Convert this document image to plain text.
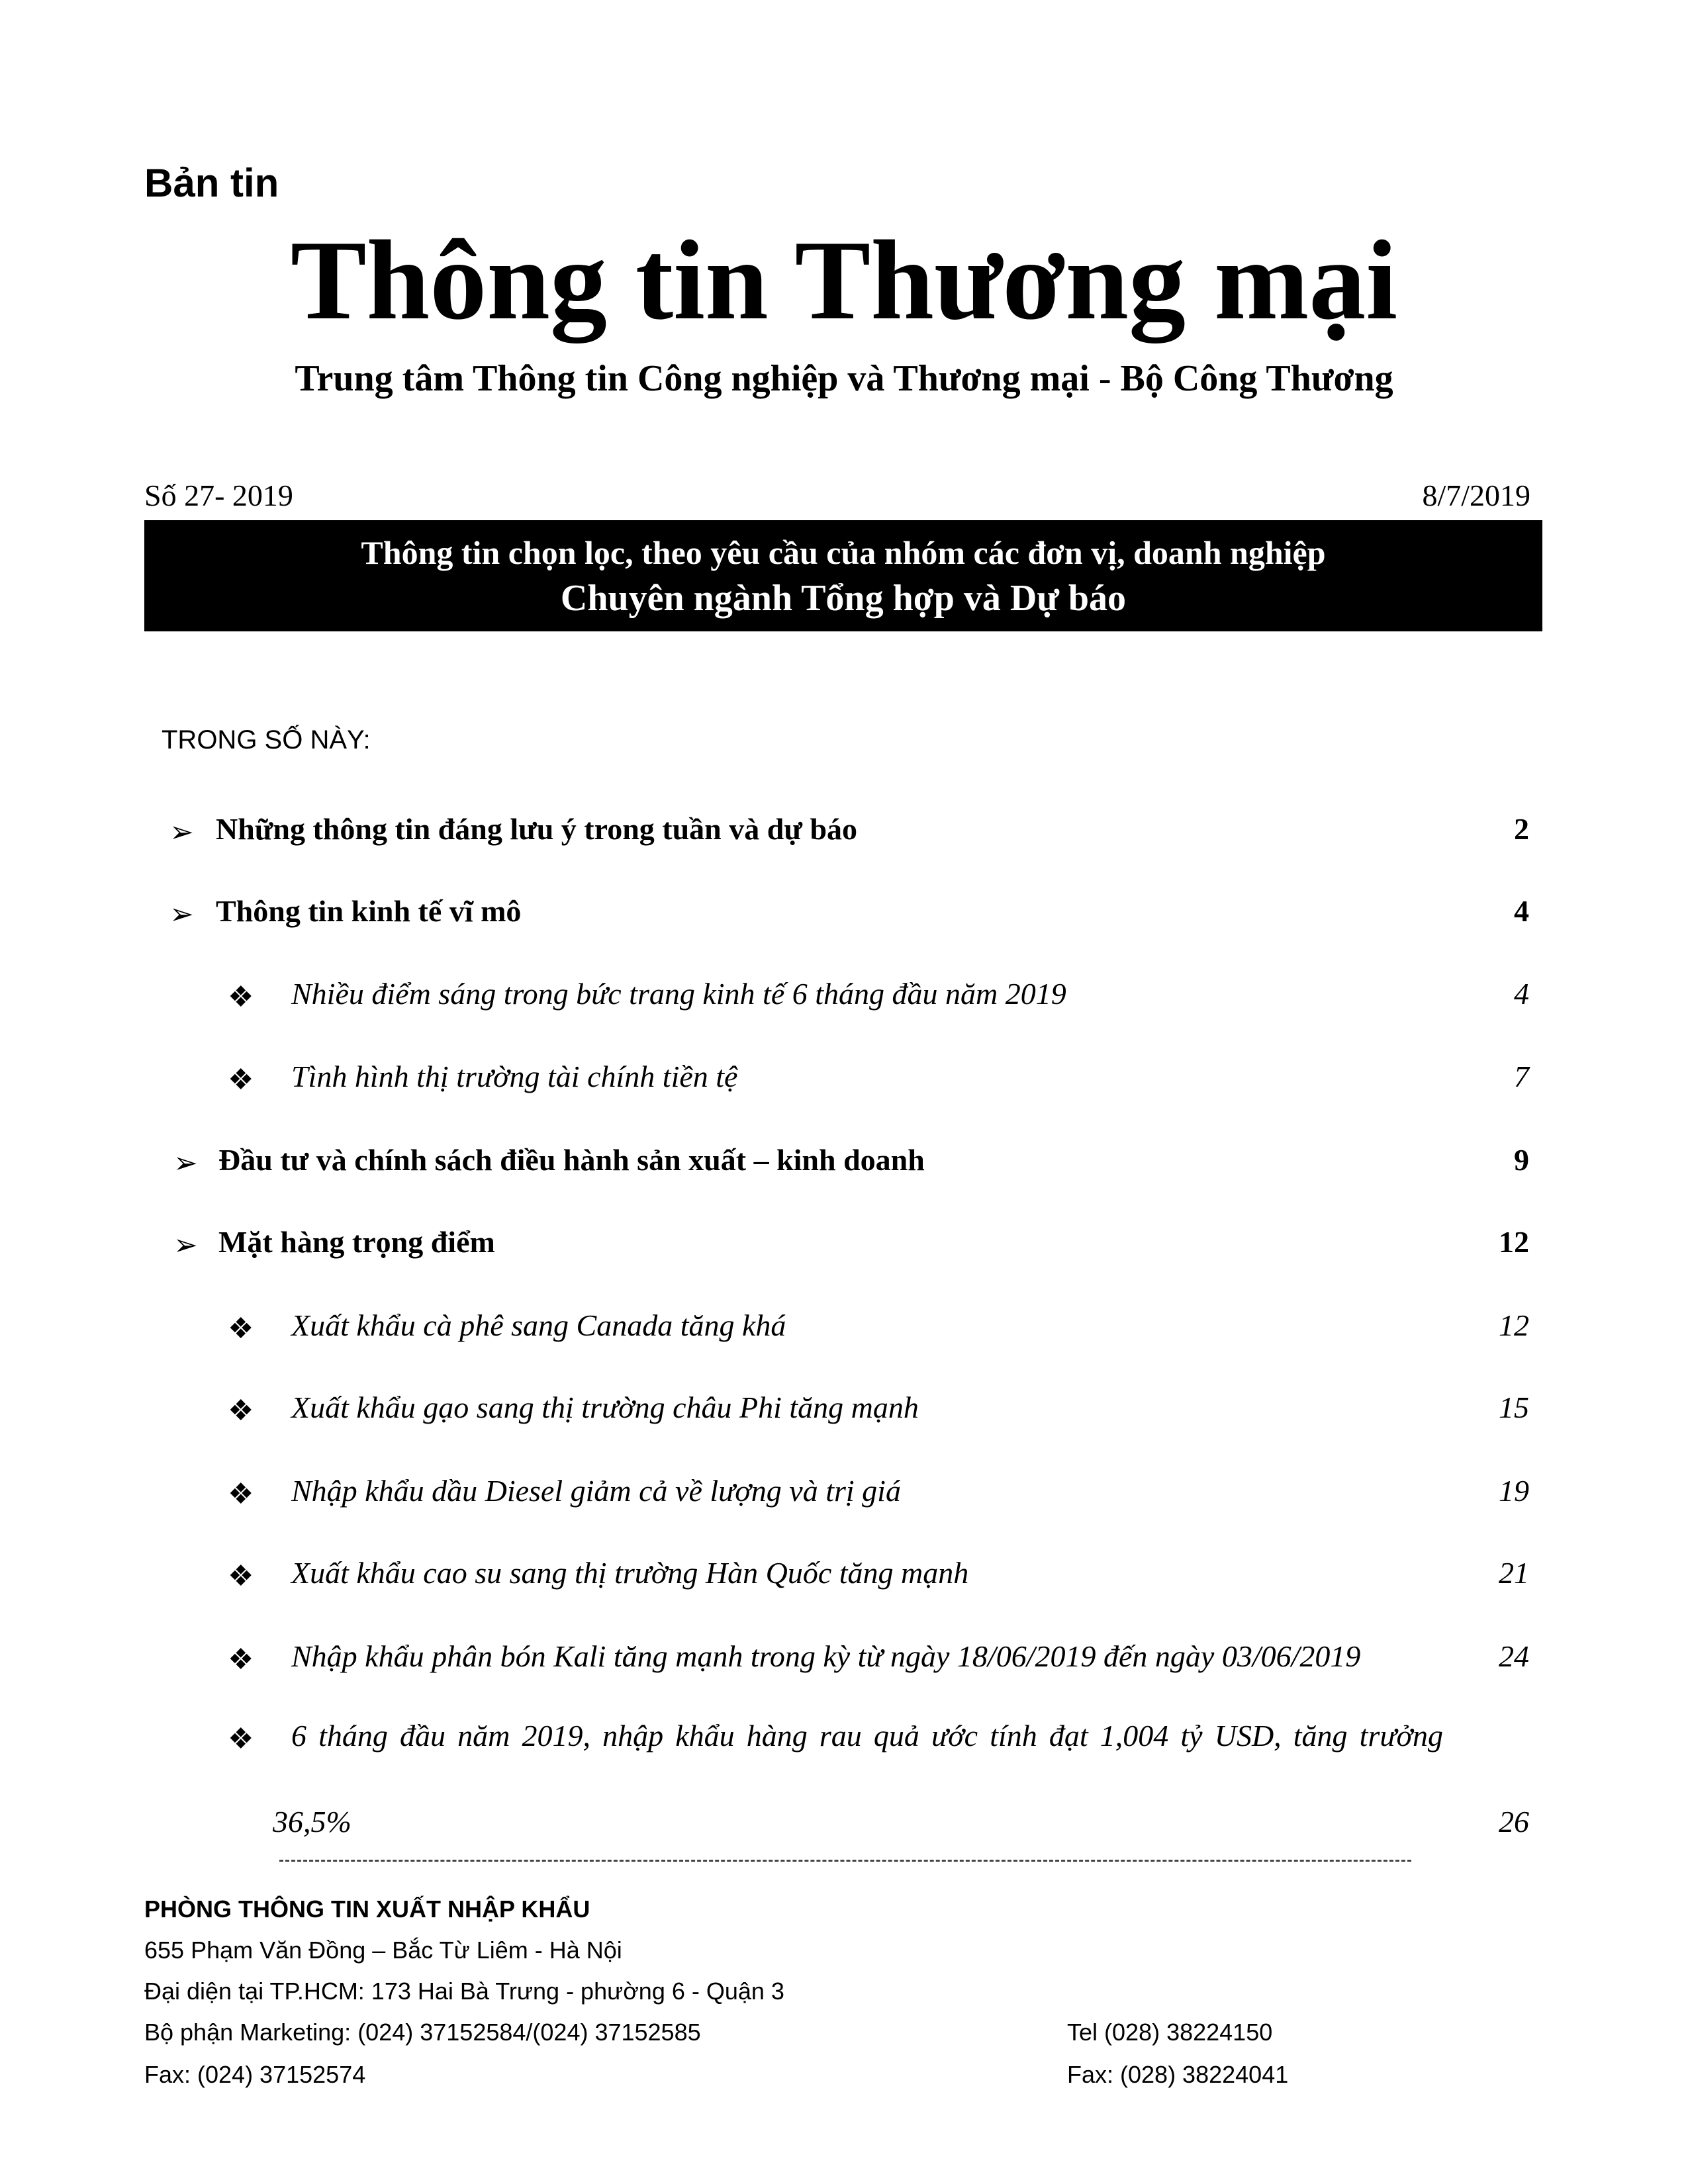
Bản tin
Thông tin Thương mại
Trung tâm Thông tin Công nghiệp và Thương mại - Bộ Công Thương
Số 27- 2019	8/7/2019
Thông tin chọn lọc, theo yêu cầu của nhóm các đơn vị, doanh nghiệp
Chuyên ngành Tổng hợp và Dự báo
TRONG SỐ NÀY:
➢ Những thông tin đáng lưu ý trong tuần và dự báo	2
➢ Thông tin kinh tế vĩ mô	4
❖ Nhiều điểm sáng trong bức trang kinh tế 6 tháng đầu năm 2019	4
❖ Tình hình thị trường tài chính tiền tệ	7
➢ Đầu tư và chính sách điều hành sản xuất – kinh doanh	9
➢ Mặt hàng trọng điểm	12
❖ Xuất khẩu cà phê sang Canada tăng khá	12
❖ Xuất khẩu gạo sang thị trường châu Phi tăng mạnh	15
❖ Nhập khẩu dầu Diesel giảm cả về lượng và trị giá	19
❖ Xuất khẩu cao su sang thị trường Hàn Quốc tăng mạnh	21
❖ Nhập khẩu phân bón Kali tăng mạnh trong kỳ từ ngày 18/06/2019 đến ngày 03/06/2019	24
❖ 6 tháng đầu năm 2019, nhập khẩu hàng rau quả ước tính đạt 1,004 tỷ USD, tăng trưởng
36,5%	26
PHÒNG THÔNG TIN XUẤT NHẬP KHẨU
655 Phạm Văn Đồng – Bắc Từ Liêm - Hà Nội
Đại diện tại TP.HCM: 173 Hai Bà Trưng - phường 6 - Quận 3
Bộ phận Marketing: (024) 37152584/(024) 37152585
Fax: (024) 37152574
Tel (028) 38224150
Fax: (028) 38224041
